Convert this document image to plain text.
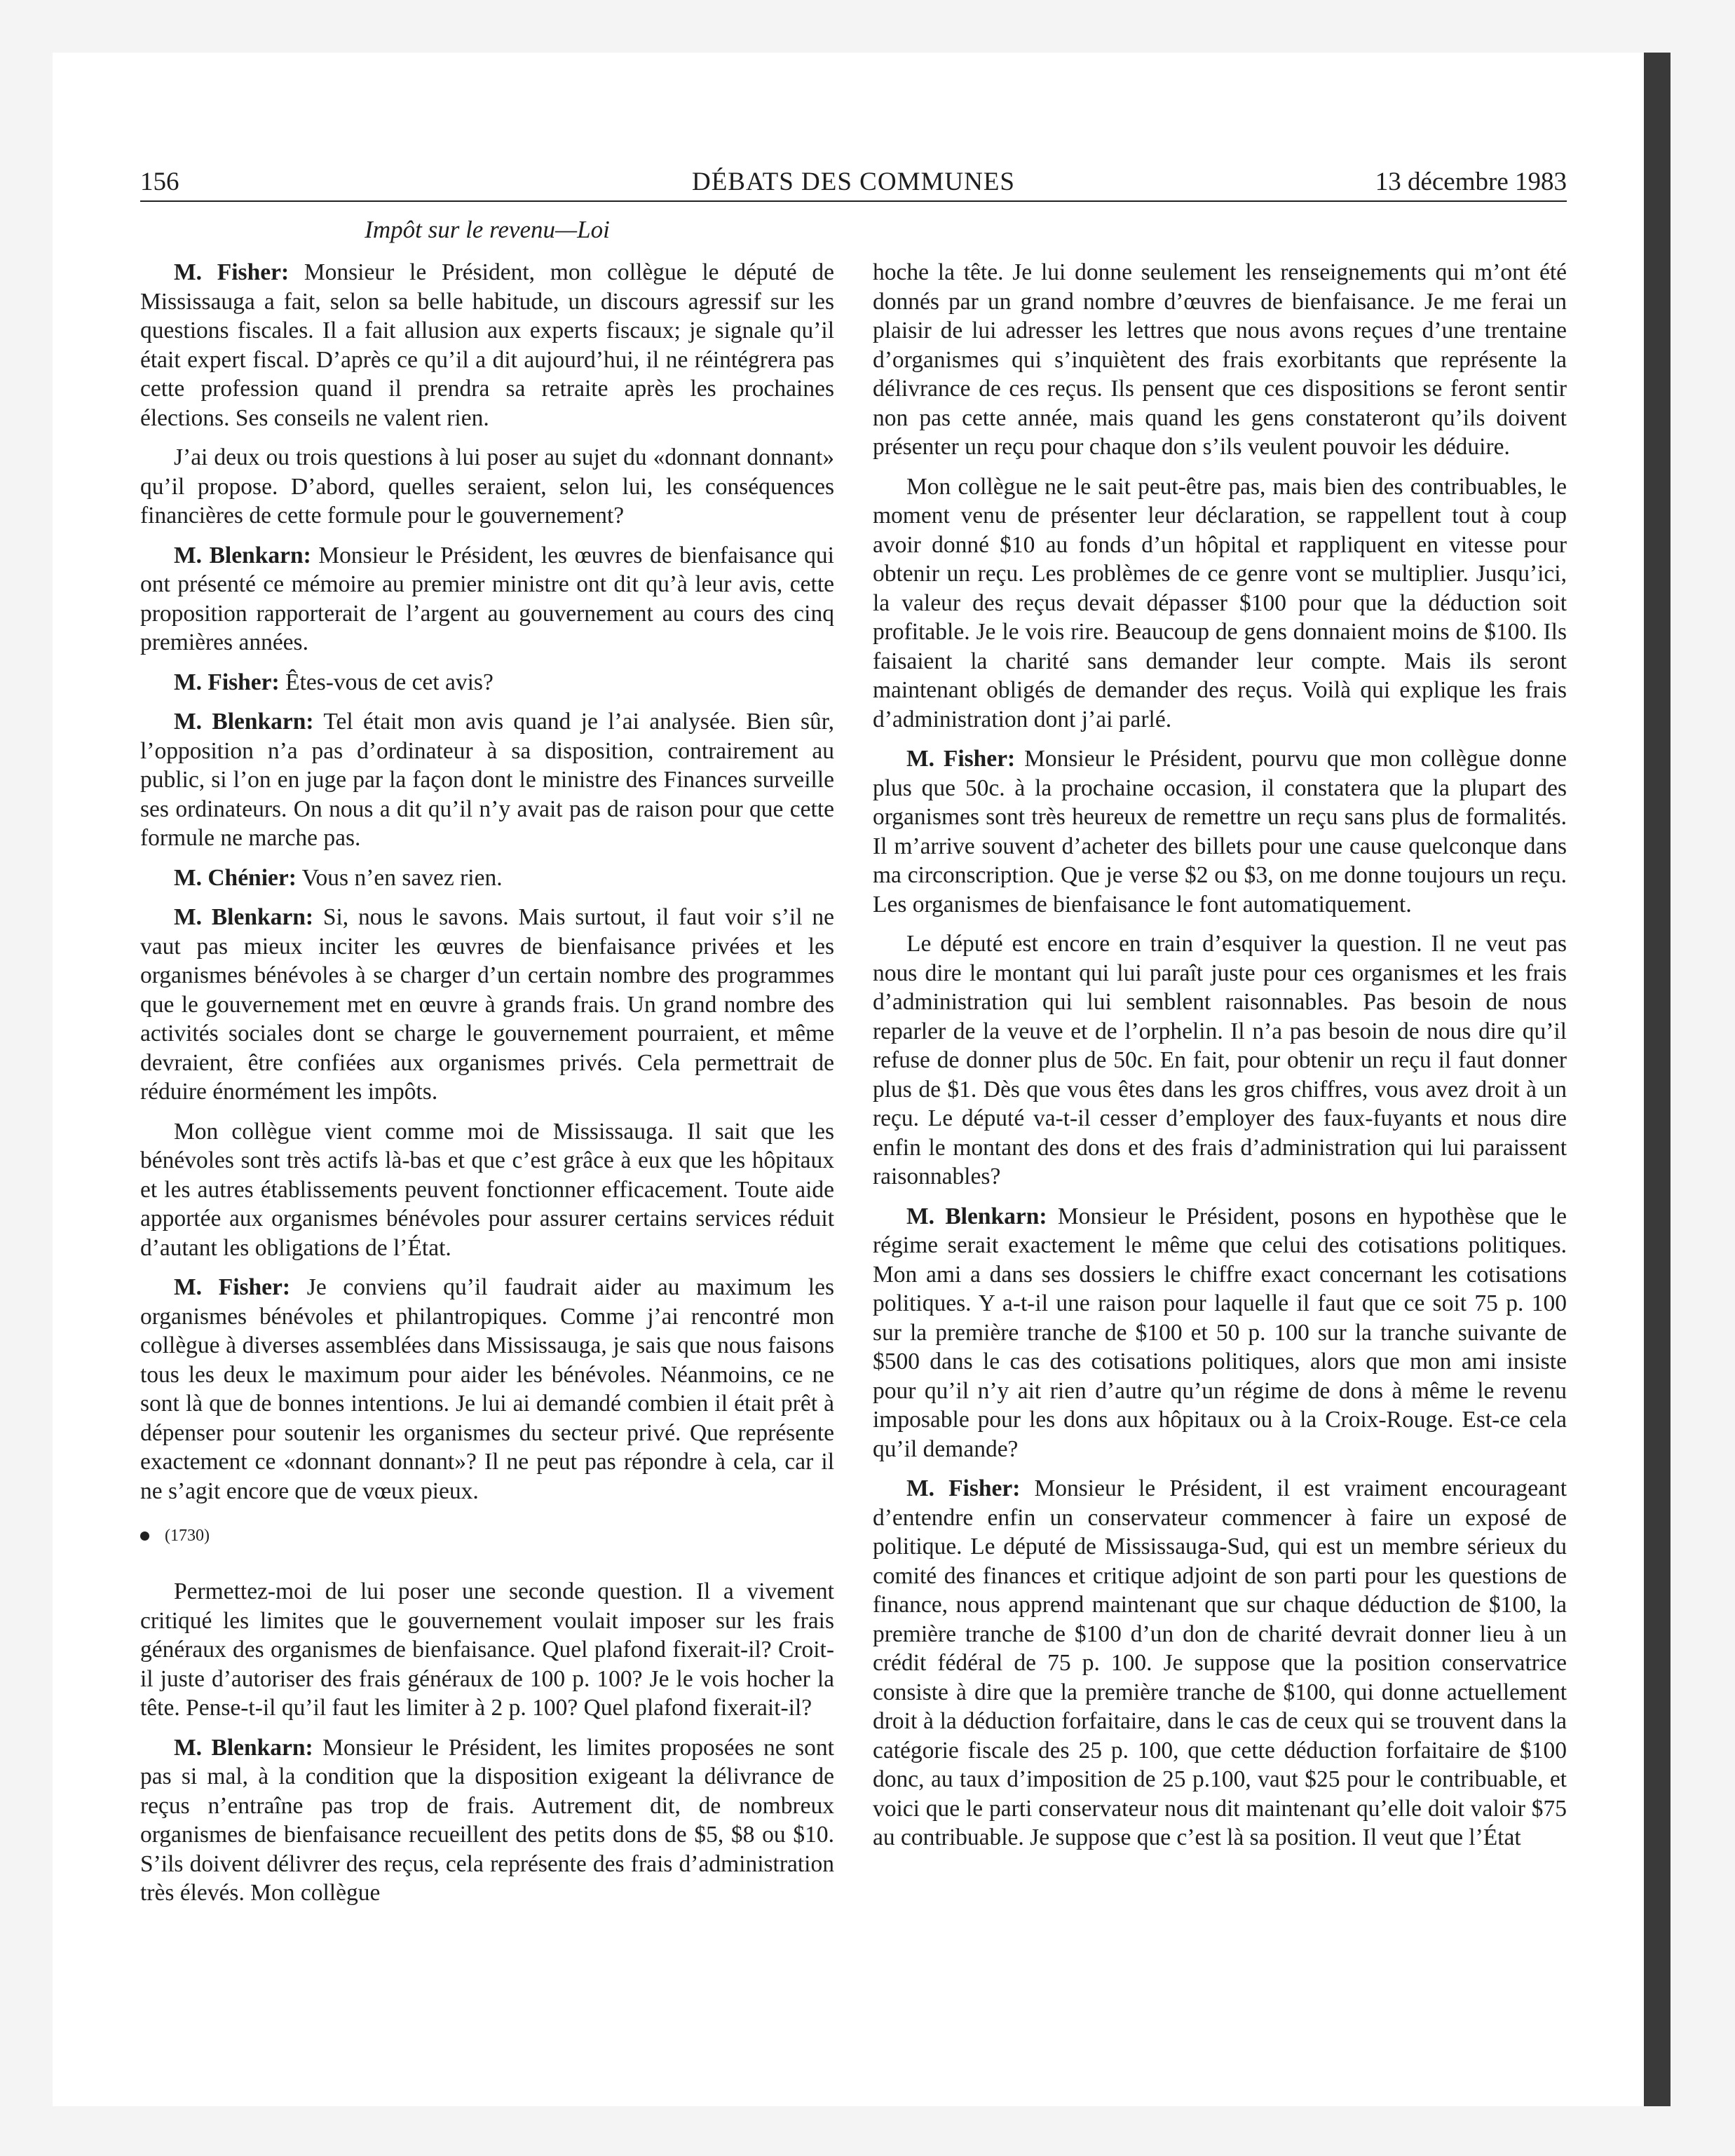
156	DÉBATS DES COMMUNES	13 décembre 1983
Impôt sur le revenu—Loi

M. Fisher: Monsieur le Président, mon collègue le député de Mississauga a fait, selon sa belle habitude, un discours agressif sur les questions fiscales. Il a fait allusion aux experts fiscaux; je signale qu’il était expert fiscal. D’après ce qu’il a dit aujourd’hui, il ne réintégrera pas cette profession quand il prendra sa retraite après les prochaines élections. Ses conseils ne valent rien.

J’ai deux ou trois questions à lui poser au sujet du «donnant donnant» qu’il propose. D’abord, quelles seraient, selon lui, les conséquences financières de cette formule pour le gouvernement?

M. Blenkarn: Monsieur le Président, les œuvres de bienfaisance qui ont présenté ce mémoire au premier ministre ont dit qu’à leur avis, cette proposition rapporterait de l’argent au gouvernement au cours des cinq premières années.

M. Fisher: Êtes-vous de cet avis?

M. Blenkarn: Tel était mon avis quand je l’ai analysée. Bien sûr, l’opposition n’a pas d’ordinateur à sa disposition, contrairement au public, si l’on en juge par la façon dont le ministre des Finances surveille ses ordinateurs. On nous a dit qu’il n’y avait pas de raison pour que cette formule ne marche pas.

M. Chénier: Vous n’en savez rien.

M. Blenkarn: Si, nous le savons. Mais surtout, il faut voir s’il ne vaut pas mieux inciter les œuvres de bienfaisance privées et les organismes bénévoles à se charger d’un certain nombre des programmes que le gouvernement met en œuvre à grands frais. Un grand nombre des activités sociales dont se charge le gouvernement pourraient, et même devraient, être confiées aux organismes privés. Cela permettrait de réduire énormément les impôts.

Mon collègue vient comme moi de Mississauga. Il sait que les bénévoles sont très actifs là-bas et que c’est grâce à eux que les hôpitaux et les autres établissements peuvent fonctionner efficacement. Toute aide apportée aux organismes bénévoles pour assurer certains services réduit d’autant les obligations de l’État.

M. Fisher: Je conviens qu’il faudrait aider au maximum les organismes bénévoles et philantropiques. Comme j’ai rencontré mon collègue à diverses assemblées dans Mississauga, je sais que nous faisons tous les deux le maximum pour aider les bénévoles. Néanmoins, ce ne sont là que de bonnes intentions. Je lui ai demandé combien il était prêt à dépenser pour soutenir les organismes du secteur privé. Que représente exactement ce «donnant donnant»? Il ne peut pas répondre à cela, car il ne s’agit encore que de vœux pieux.

(1730)

Permettez-moi de lui poser une seconde question. Il a vivement critiqué les limites que le gouvernement voulait imposer sur les frais généraux des organismes de bienfaisance. Quel plafond fixerait-il? Croit-il juste d’autoriser des frais généraux de 100 p. 100? Je le vois hocher la tête. Pense-t-il qu’il faut les limiter à 2 p. 100? Quel plafond fixerait-il?

M. Blenkarn: Monsieur le Président, les limites proposées ne sont pas si mal, à la condition que la disposition exigeant la délivrance de reçus n’entraîne pas trop de frais. Autrement dit, de nombreux organismes de bienfaisance recueillent des petits dons de $5, $8 ou $10. S’ils doivent délivrer des reçus, cela représente des frais d’administration très élevés. Mon collègue

hoche la tête. Je lui donne seulement les renseignements qui m’ont été donnés par un grand nombre d’œuvres de bienfaisance. Je me ferai un plaisir de lui adresser les lettres que nous avons reçues d’une trentaine d’organismes qui s’inquiètent des frais exorbitants que représente la délivrance de ces reçus. Ils pensent que ces dispositions se feront sentir non pas cette année, mais quand les gens constateront qu’ils doivent présenter un reçu pour chaque don s’ils veulent pouvoir les déduire.

Mon collègue ne le sait peut-être pas, mais bien des contribuables, le moment venu de présenter leur déclaration, se rappellent tout à coup avoir donné $10 au fonds d’un hôpital et rappliquent en vitesse pour obtenir un reçu. Les problèmes de ce genre vont se multiplier. Jusqu’ici, la valeur des reçus devait dépasser $100 pour que la déduction soit profitable. Je le vois rire. Beaucoup de gens donnaient moins de $100. Ils faisaient la charité sans demander leur compte. Mais ils seront maintenant obligés de demander des reçus. Voilà qui explique les frais d’administration dont j’ai parlé.

M. Fisher: Monsieur le Président, pourvu que mon collègue donne plus que 50c. à la prochaine occasion, il constatera que la plupart des organismes sont très heureux de remettre un reçu sans plus de formalités. Il m’arrive souvent d’acheter des billets pour une cause quelconque dans ma circonscription. Que je verse $2 ou $3, on me donne toujours un reçu. Les organismes de bienfaisance le font automatiquement.

Le député est encore en train d’esquiver la question. Il ne veut pas nous dire le montant qui lui paraît juste pour ces organismes et les frais d’administration qui lui semblent raisonnables. Pas besoin de nous reparler de la veuve et de l’orphelin. Il n’a pas besoin de nous dire qu’il refuse de donner plus de 50c. En fait, pour obtenir un reçu il faut donner plus de $1. Dès que vous êtes dans les gros chiffres, vous avez droit à un reçu. Le député va-t-il cesser d’employer des faux-fuyants et nous dire enfin le montant des dons et des frais d’administration qui lui paraissent raisonnables?

M. Blenkarn: Monsieur le Président, posons en hypothèse que le régime serait exactement le même que celui des cotisations politiques. Mon ami a dans ses dossiers le chiffre exact concernant les cotisations politiques. Y a-t-il une raison pour laquelle il faut que ce soit 75 p. 100 sur la première tranche de $100 et 50 p. 100 sur la tranche suivante de $500 dans le cas des cotisations politiques, alors que mon ami insiste pour qu’il n’y ait rien d’autre qu’un régime de dons à même le revenu imposable pour les dons aux hôpitaux ou à la Croix-Rouge. Est-ce cela qu’il demande?

M. Fisher: Monsieur le Président, il est vraiment encourageant d’entendre enfin un conservateur commencer à faire un exposé de politique. Le député de Mississauga-Sud, qui est un membre sérieux du comité des finances et critique adjoint de son parti pour les questions de finance, nous apprend maintenant que sur chaque déduction de $100, la première tranche de $100 d’un don de charité devrait donner lieu à un crédit fédéral de 75 p. 100. Je suppose que la position conservatrice consiste à dire que la première tranche de $100, qui donne actuellement droit à la déduction forfaitaire, dans le cas de ceux qui se trouvent dans la catégorie fiscale des 25 p. 100, que cette déduction forfaitaire de $100 donc, au taux d’imposition de 25 p.100, vaut $25 pour le contribuable, et voici que le parti conservateur nous dit maintenant qu’elle doit valoir $75 au contribuable. Je suppose que c’est là sa position. Il veut que l’État
